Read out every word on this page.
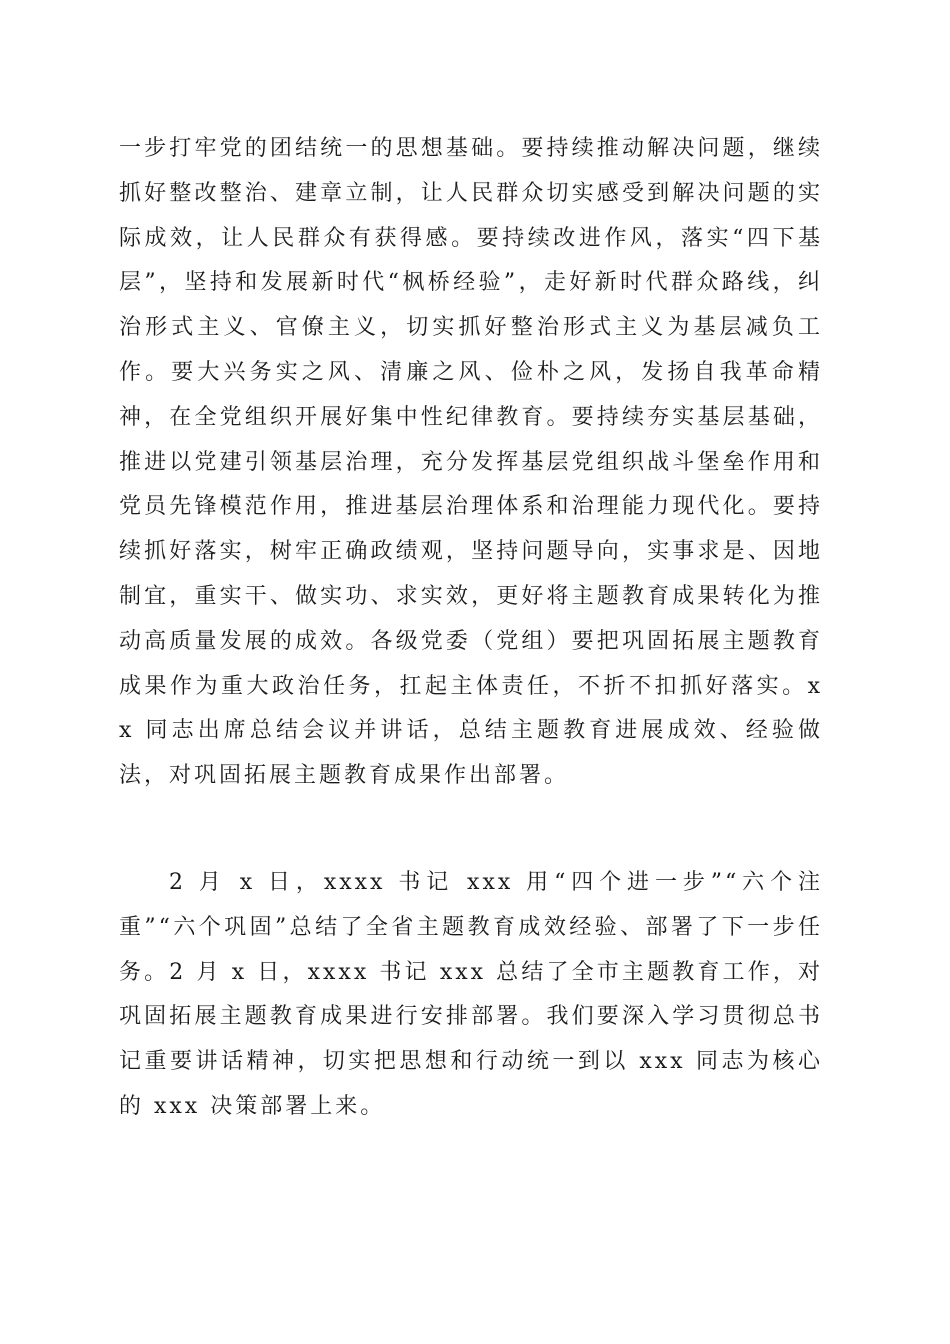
一步打牢党的团结统一的思想基础。要持续推动解决问题，继续抓好整改整治、建章立制，让人民群众切实感受到解决问题的实际成效，让人民群众有获得感。要持续改进作风，落实“四下基层”，坚持和发展新时代“枫桥经验”，走好新时代群众路线，纠治形式主义、官僚主义，切实抓好整治形式主义为基层减负工作。要大兴务实之风、清廉之风、俭朴之风，发扬自我革命精神，在全党组织开展好集中性纪律教育。要持续夯实基层基础，推进以党建引领基层治理，充分发挥基层党组织战斗堡垒作用和党员先锋模范作用，推进基层治理体系和治理能力现代化。要持续抓好落实，树牢正确政绩观，坚持问题导向，实事求是、因地制宜，重实干、做实功、求实效，更好将主题教育成果转化为推动高质量发展的成效。各级党委（党组）要把巩固拓展主题教育成果作为重大政治任务，扛起主体责任，不折不扣抓好落实。xx 同志出席总结会议并讲话，总结主题教育进展成效、经验做法，对巩固拓展主题教育成果作出部署。

2 月 x 日，xxxx 书记 xxx 用“四个进一步”“六个注重”“六个巩固”总结了全省主题教育成效经验、部署了下一步任务。2 月 x 日，xxxx 书记 xxx 总结了全市主题教育工作，对巩固拓展主题教育成果进行安排部署。我们要深入学习贯彻总书记重要讲话精神，切实把思想和行动统一到以 xxx 同志为核心的 xxx 决策部署上来。
